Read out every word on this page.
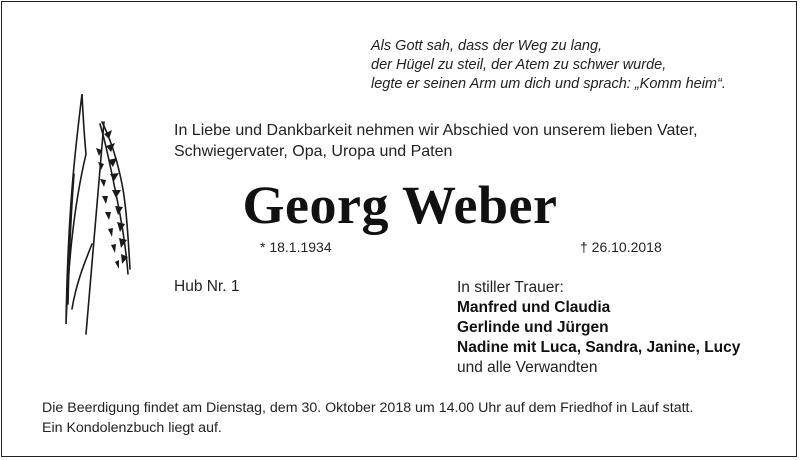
Als Gott sah, dass der Weg zu lang,
der Hügel zu steil, der Atem zu schwer wurde,
legte er seinen Arm um dich und sprach: „Komm heim“.
In Liebe und Dankbarkeit nehmen wir Abschied von unserem lieben Vater, Schwiegervater, Opa, Uropa und Paten
Georg Weber
* 18.1.1934	† 26.10.2018
Hub Nr. 1	In stiller Trauer:
Manfred und Claudia
Gerlinde und Jürgen
Nadine mit Luca, Sandra, Janine, Lucy
und alle Verwandten
Die Beerdigung findet am Dienstag, dem 30. Oktober 2018 um 14.00 Uhr auf dem Friedhof in Lauf statt.
Ein Kondolenzbuch liegt auf.
